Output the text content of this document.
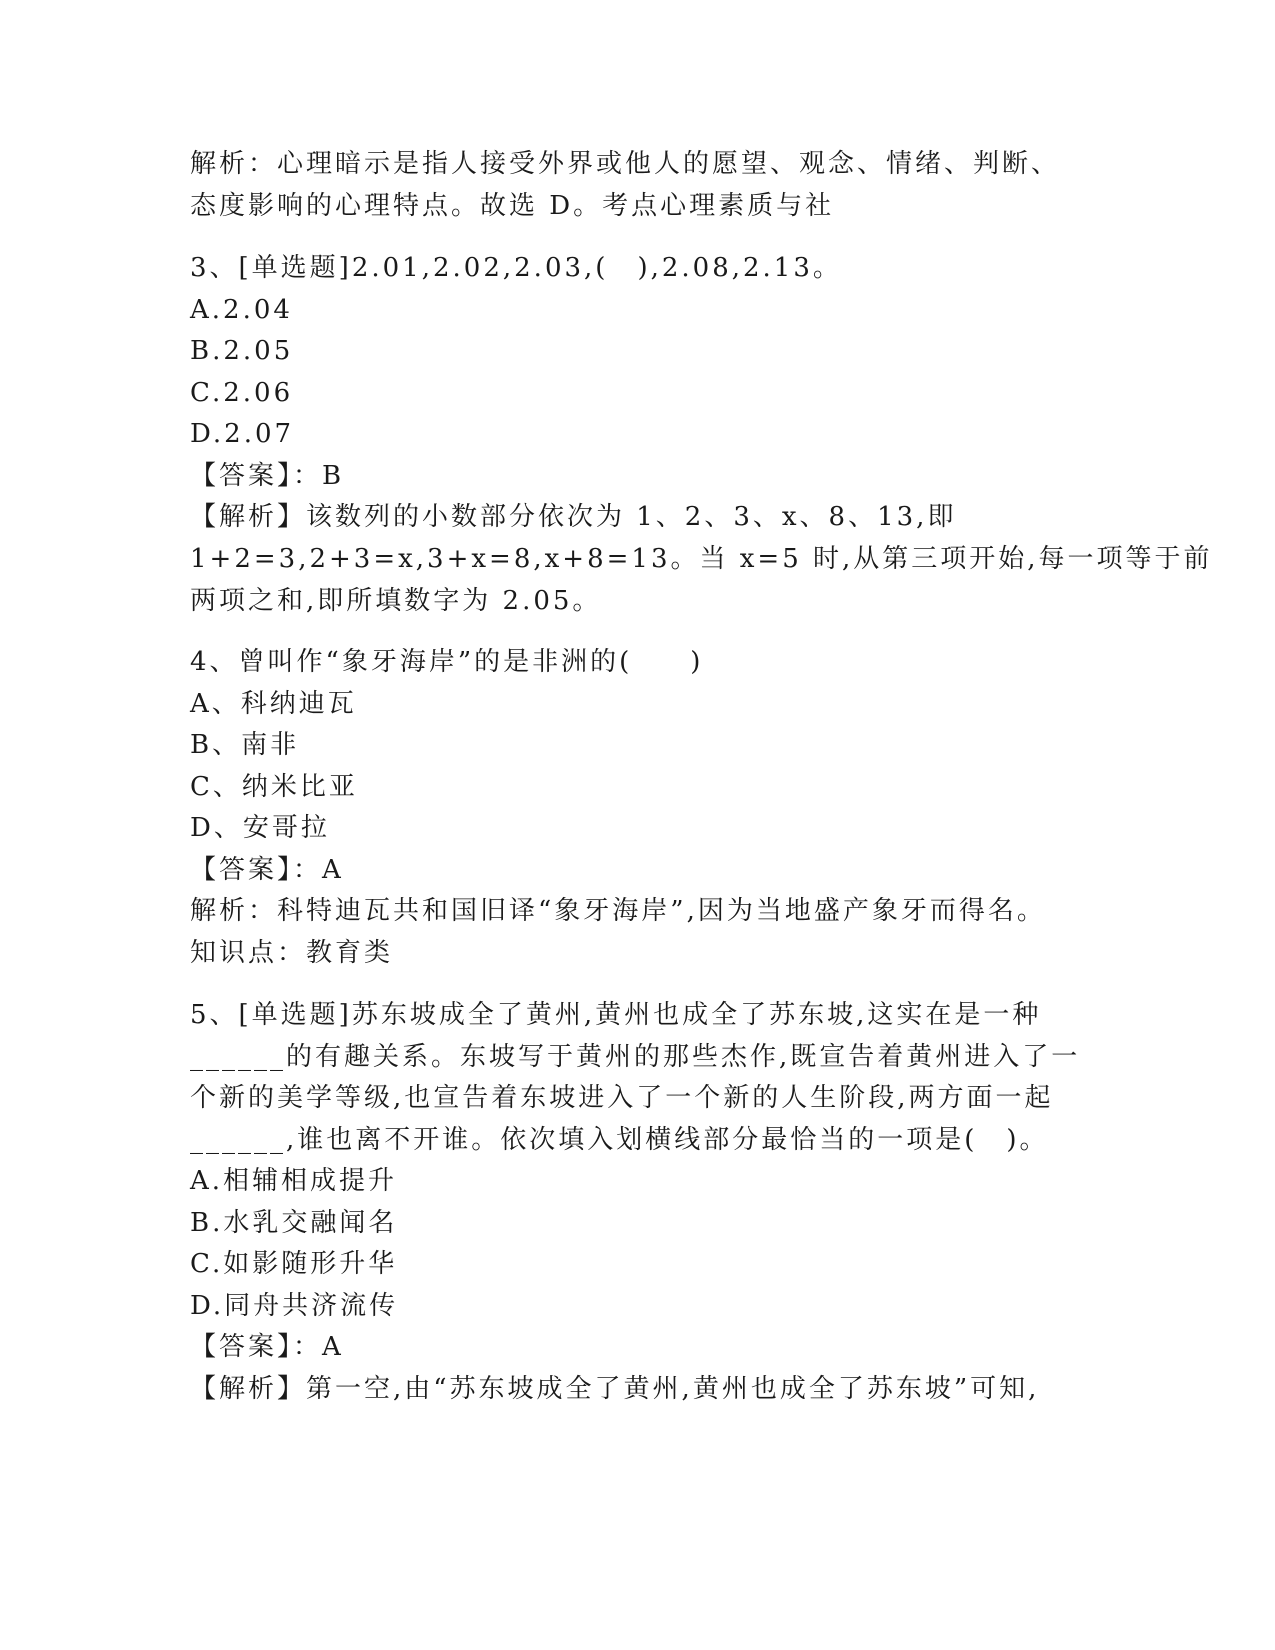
解析：心理暗示是指人接受外界或他人的愿望、观念、情绪、判断、
态度影响的心理特点。故选 D。考点心理素质与社
3、[单选题]2.01,2.02,2.03,(　),2.08,2.13。
A.2.04
B.2.05
C.2.06
D.2.07
【答案】：B
【解析】该数列的小数部分依次为 1、2、3、x、8、13,即
1+2=3,2+3=x,3+x=8,x+8=13。当 x=5 时,从第三项开始,每一项等于前
两项之和,即所填数字为 2.05。
4、曾叫作“象牙海岸”的是非洲的(　　)
A、科纳迪瓦
B、南非
C、纳米比亚
D、安哥拉
【答案】：A
解析：科特迪瓦共和国旧译“象牙海岸”,因为当地盛产象牙而得名。
知识点：教育类
5、[单选题]苏东坡成全了黄州,黄州也成全了苏东坡,这实在是一种
______的有趣关系。东坡写于黄州的那些杰作,既宣告着黄州进入了一
个新的美学等级,也宣告着东坡进入了一个新的人生阶段,两方面一起
______,谁也离不开谁。依次填入划横线部分最恰当的一项是(　)。
A.相辅相成提升
B.水乳交融闻名
C.如影随形升华
D.同舟共济流传
【答案】：A
【解析】第一空,由“苏东坡成全了黄州,黄州也成全了苏东坡”可知,
